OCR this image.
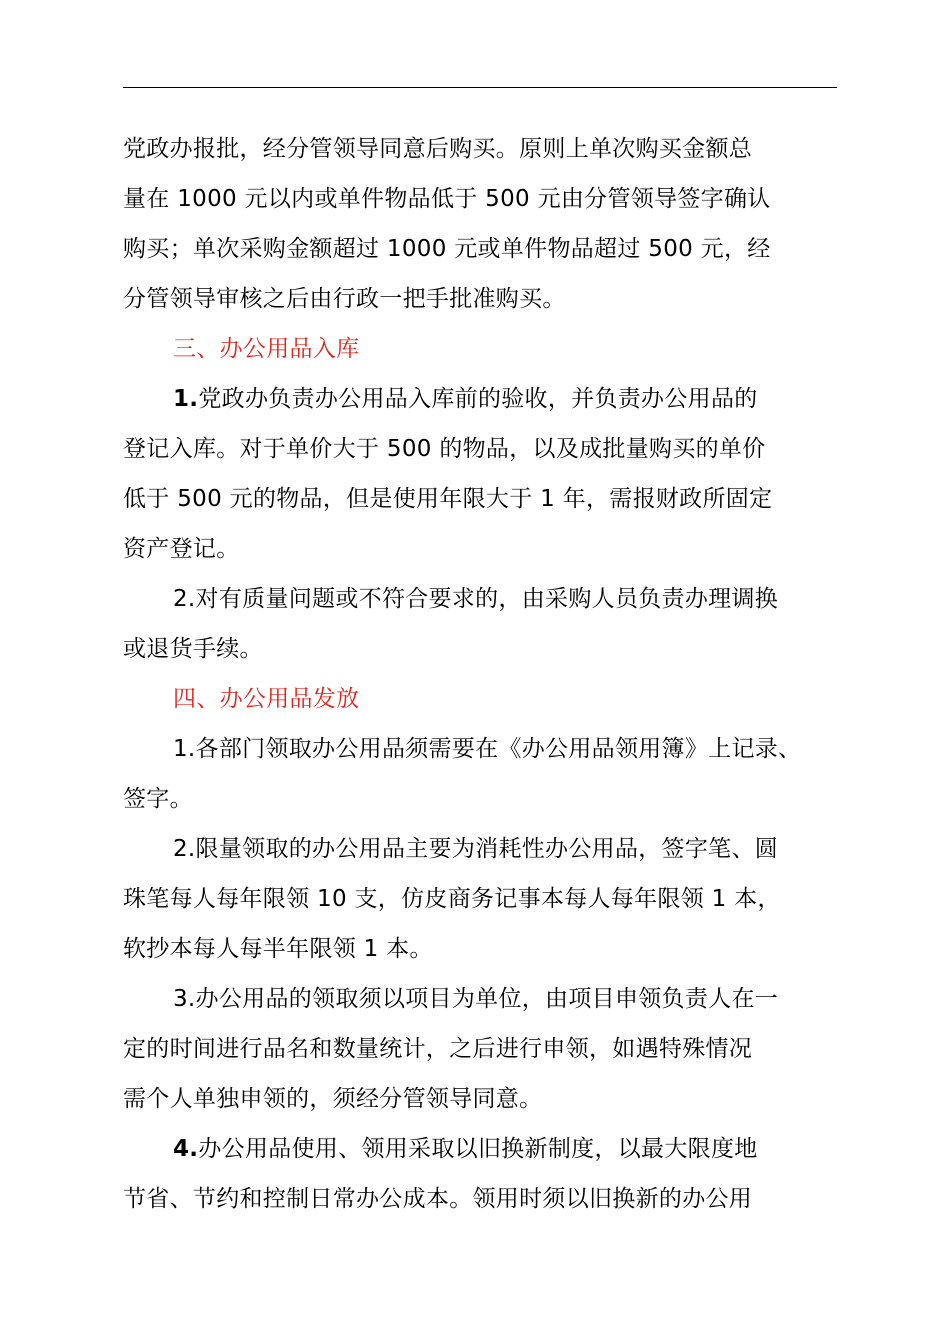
党政办报批，经分管领导同意后购买。原则上单次购买金额总
量在 1000 元以内或单件物品低于 500 元由分管领导签字确认
购买；单次采购金额超过 1000 元或单件物品超过 500 元，经
分管领导审核之后由行政一把手批准购买。
三、办公用品入库
1.党政办负责办公用品入库前的验收，并负责办公用品的
登记入库。对于单价大于 500 的物品，以及成批量购买的单价
低于 500 元的物品，但是使用年限大于 1 年，需报财政所固定
资产登记。
2.对有质量问题或不符合要求的，由采购人员负责办理调换
或退货手续。
四、办公用品发放
1.各部门领取办公用品须需要在《办公用品领用簿》上记录、
签字。
2.限量领取的办公用品主要为消耗性办公用品，签字笔、圆
珠笔每人每年限领 10 支，仿皮商务记事本每人每年限领 1 本，
软抄本每人每半年限领 1 本。
3.办公用品的领取须以项目为单位，由项目申领负责人在一
定的时间进行品名和数量统计，之后进行申领，如遇特殊情况
需个人单独申领的，须经分管领导同意。
4.办公用品使用、领用采取以旧换新制度，以最大限度地
节省、节约和控制日常办公成本。领用时须以旧换新的办公用
